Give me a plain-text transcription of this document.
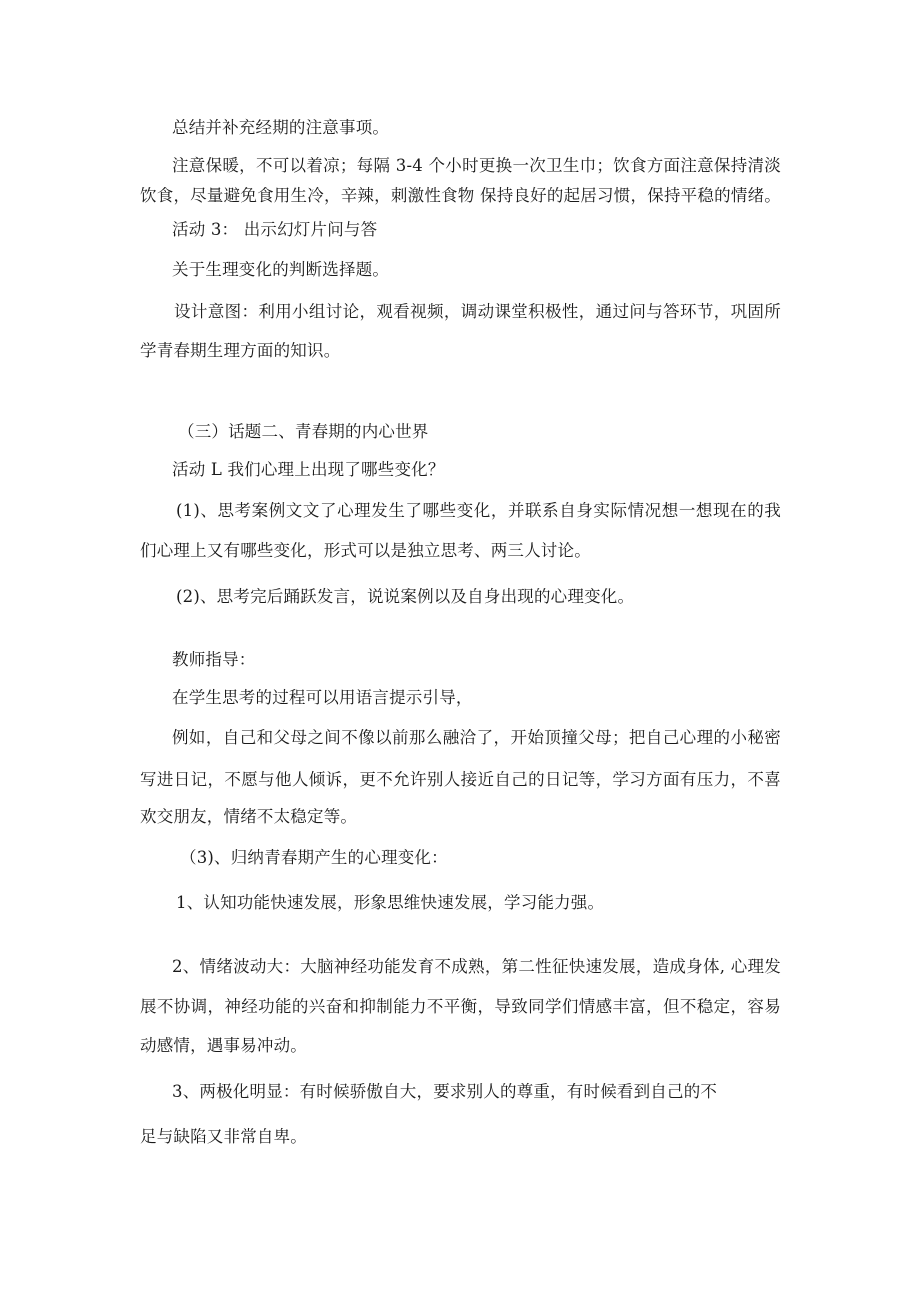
总结并补充经期的注意事项。
注意保暖，不可以着凉；每隔 3-4 个小时更换一次卫生巾；饮食方面注意保持清淡
饮食，尽量避免食用生冷，辛辣，刺激性食物 保持良好的起居习惯，保持平稳的情绪。
活动 3： 出示幻灯片问与答
关于生理变化的判断选择题。
设计意图：利用小组讨论，观看视频，调动课堂积极性，通过问与答环节，巩固所
学青春期生理方面的知识。
（三）话题二、青春期的内心世界
活动 L 我们心理上出现了哪些变化？
(1)、思考案例文文了心理发生了哪些变化，并联系自身实际情况想一想现在的我
们心理上又有哪些变化，形式可以是独立思考、两三人讨论。
(2)、思考完后踊跃发言，说说案例以及自身出现的心理变化。
教师指导：
在学生思考的过程可以用语言提示引导，
例如，自己和父母之间不像以前那么融洽了，开始顶撞父母；把自己心理的小秘密
写进日记，不愿与他人倾诉，更不允许别人接近自己的日记等，学习方面有压力，不喜
欢交朋友，情绪不太稳定等。
（3)、归纳青春期产生的心理变化：
1、认知功能快速发展，形象思维快速发展，学习能力强。
2、情绪波动大：大脑神经功能发育不成熟，第二性征快速发展，造成身体, 心理发
展不协调，神经功能的兴奋和抑制能力不平衡，导致同学们情感丰富，但不稳定，容易
动感情，遇事易冲动。
3、两极化明显：有时候骄傲自大，要求别人的尊重，有时候看到自己的不
足与缺陷又非常自卑。
